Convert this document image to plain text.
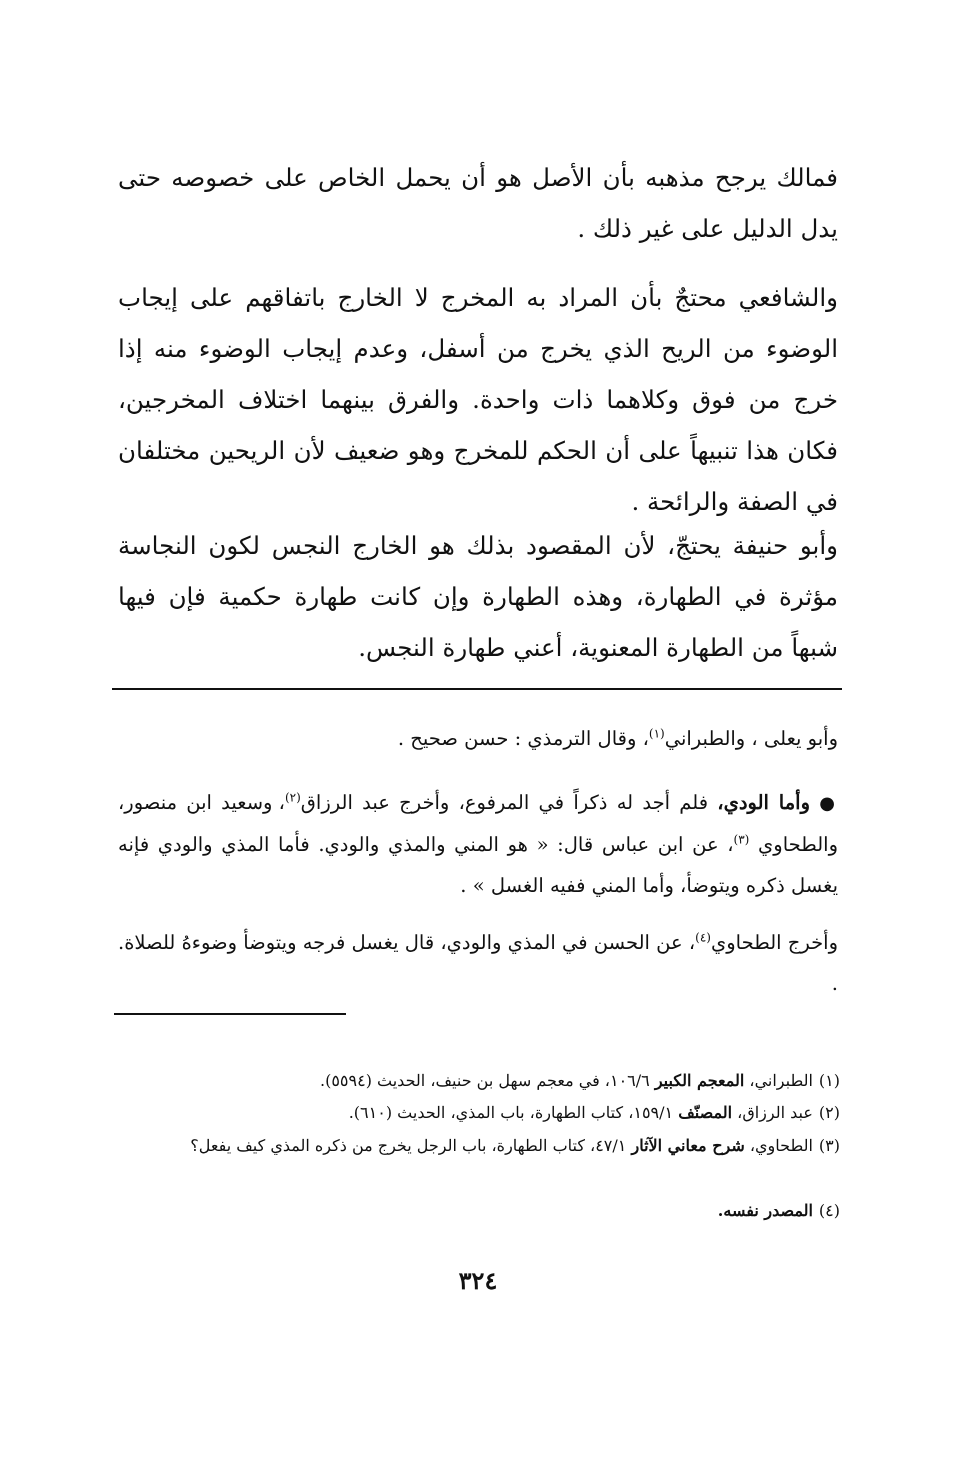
فمالك يرجح مذهبه بأن الأصل هو أن يحمل الخاص على خصوصه حتى يدل الدليل على غير ذلك .

والشافعي محتجٌ بأن المراد به المخرج لا الخارج باتفاقهم على إيجاب الوضوء من الريح الذي يخرج من أسفل، وعدم إيجاب الوضوء منه إذا خرج من فوق وكلاهما ذات واحدة. والفرق بينهما اختلاف المخرجين، فكان هذا تنبيهاً على أن الحكم للمخرج وهو ضعيف لأن الريحين مختلفان في الصفة والرائحة .

وأبو حنيفة يحتجّ، لأن المقصود بذلك هو الخارج النجس لكون النجاسة مؤثرة في الطهارة، وهذه الطهارة وإن كانت طهارة حكمية فإن فيها شبهاً من الطهارة المعنوية، أعني طهارة النجس.

وأبو يعلى ، والطبراني$^{(١)}$، وقال الترمذي : حسن صحيح .

● وأما الودي، فلم أجد له ذكراً في المرفوع، وأخرج عبد الرزاق$^{(٢)}$، وسعيد ابن منصور، والطحاوي $^{(٣)}$، عن ابن عباس قال: « هو المني والمذي والودي. فأما المذي والودي فإنه يغسل ذكره ويتوضأ، وأما المني ففيه الغسل » .

وأخرج الطحاوي$^{(٤)}$، عن الحسن في المذي والودي، قال يغسل فرجه ويتوضأ وضوءهُ للصلاة. .

(١) الطبراني، المعجم الكبير ١٠٦/٦، في معجم سهل بن حنيف، الحديث (٥٥٩٤).

(٢) عبد الرزاق، المصنّف ١٥٩/١، كتاب الطهارة، باب المذي، الحديث (٦١٠).

(٣) الطحاوي، شرح معاني الآثار ٤٧/١، كتاب الطهارة، باب الرجل يخرج من ذكره المذي كيف يفعل؟

(٤) المصدر نفسه.

٣٢٤
